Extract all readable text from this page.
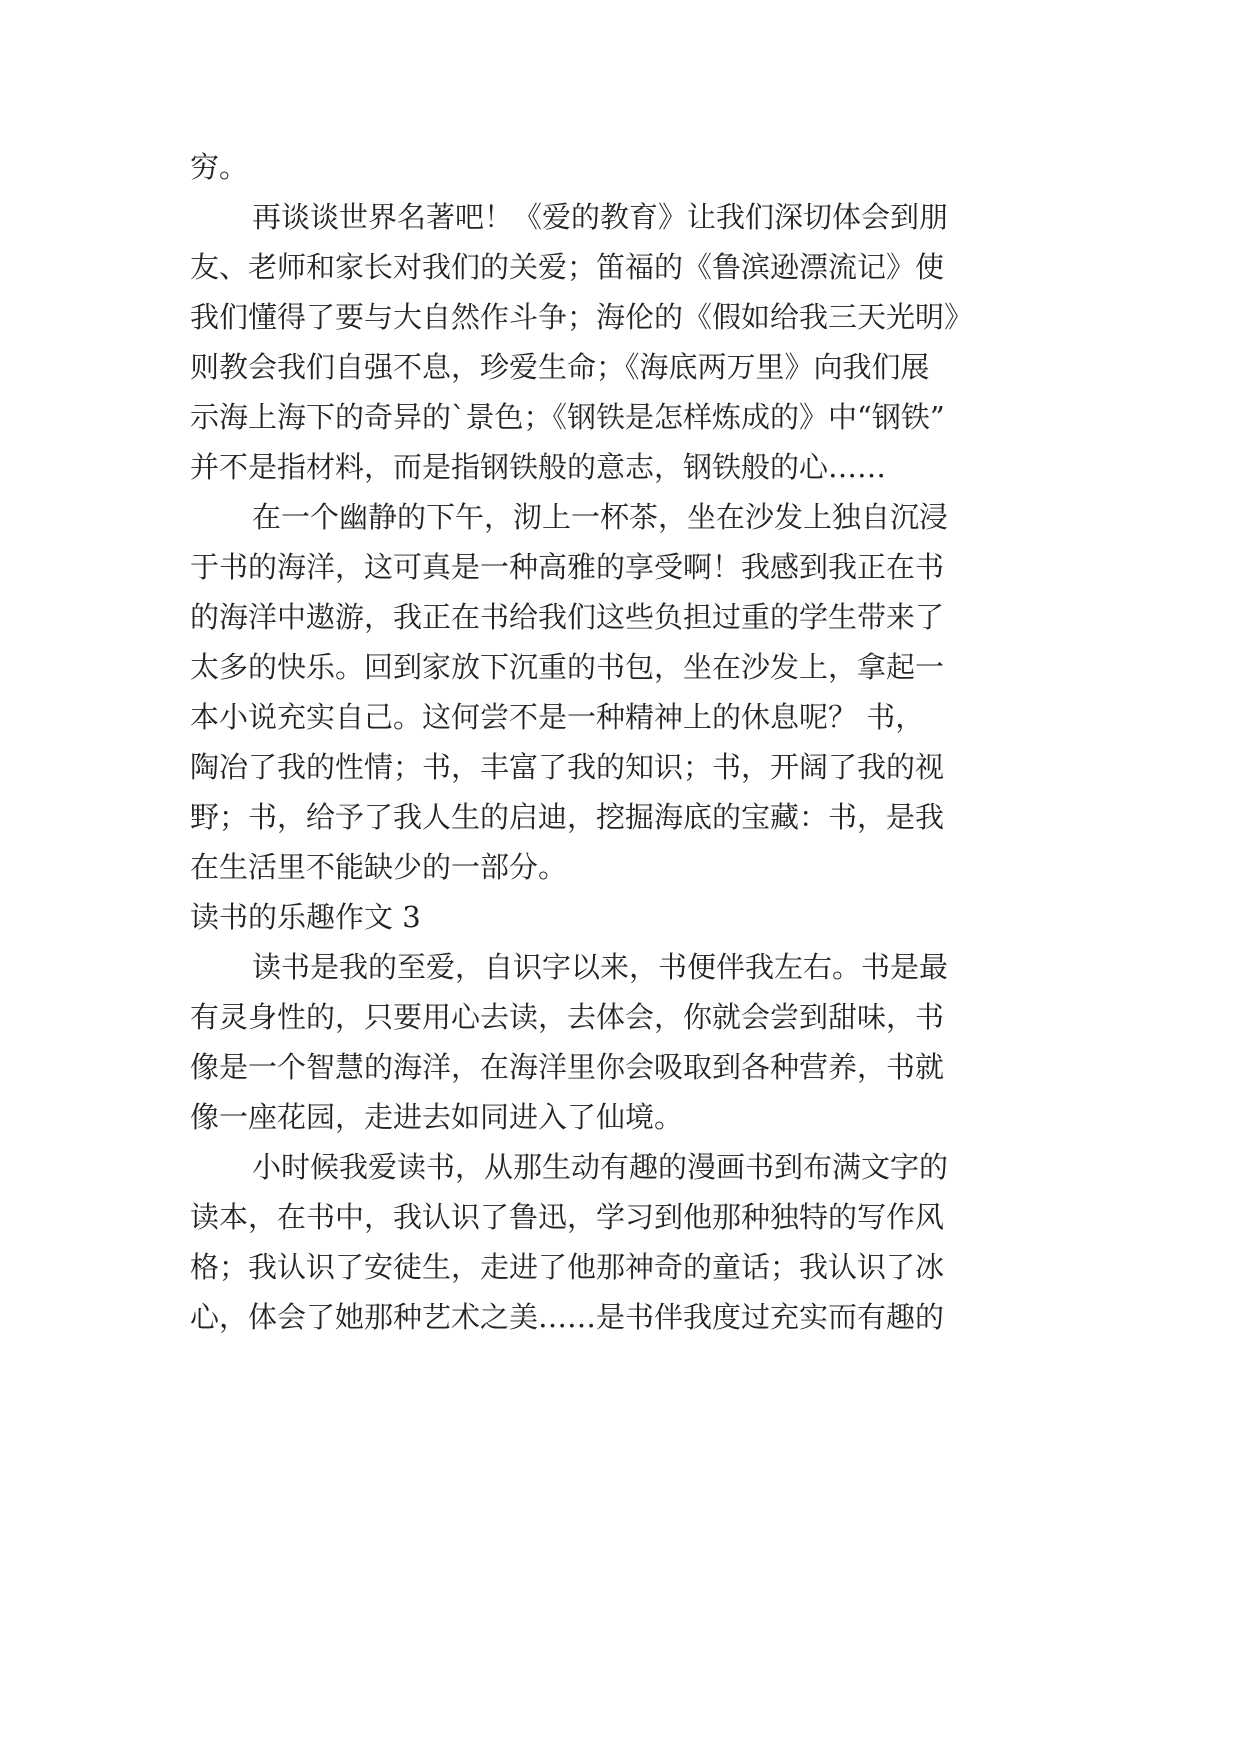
穷。
再谈谈世界名著吧！《爱的教育》让我们深切体会到朋
友、老师和家长对我们的关爱；笛福的《鲁滨逊漂流记》使
我们懂得了要与大自然作斗争；海伦的《假如给我三天光明》
则教会我们自强不息，珍爱生命；《海底两万里》向我们展
示海上海下的奇异的`景色；《钢铁是怎样炼成的》中“钢铁”
并不是指材料，而是指钢铁般的意志，钢铁般的心……
在一个幽静的下午，沏上一杯茶，坐在沙发上独自沉浸
于书的海洋，这可真是一种高雅的享受啊！我感到我正在书
的海洋中遨游，我正在书给我们这些负担过重的学生带来了
太多的快乐。回到家放下沉重的书包，坐在沙发上，拿起一
本小说充实自己。这何尝不是一种精神上的休息呢？ 书，
陶冶了我的性情；书，丰富了我的知识；书，开阔了我的视
野；书，给予了我人生的启迪，挖掘海底的宝藏：书，是我
在生活里不能缺少的一部分。
读书的乐趣作文 3
读书是我的至爱，自识字以来，书便伴我左右。书是最
有灵身性的，只要用心去读，去体会，你就会尝到甜味，书
像是一个智慧的海洋，在海洋里你会吸取到各种营养，书就
像一座花园，走进去如同进入了仙境。
小时候我爱读书，从那生动有趣的漫画书到布满文字的
读本，在书中，我认识了鲁迅，学习到他那种独特的写作风
格；我认识了安徒生，走进了他那神奇的童话；我认识了冰
心，体会了她那种艺术之美……是书伴我度过充实而有趣的
